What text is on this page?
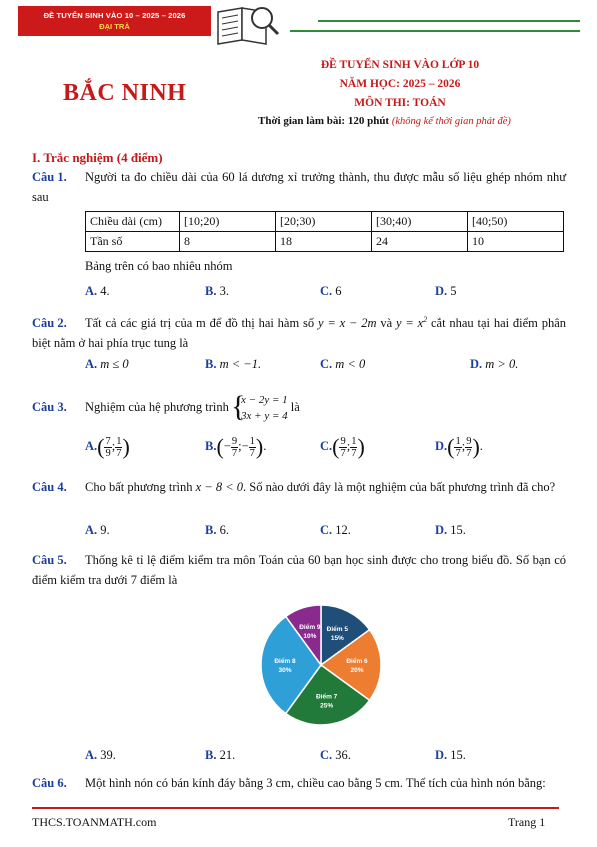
ĐỀ TUYỂN SINH VÀO 10 – 2025 – 2026
ĐẠI TRÀ
BẮC NINH
ĐỀ TUYỂN SINH VÀO LỚP 10
NĂM HỌC: 2025 – 2026
MÔN THI: TOÁN
Thời gian làm bài: 120 phút (không kể thời gian phát đề)
I. Trắc nghiệm (4 điểm)
Câu 1. Người ta đo chiều dài của 60 lá dương xỉ trưởng thành, thu được mẫu số liệu ghép nhóm như sau
Chiều dài (cm)	[10;20)	[20;30)	[30;40)	[40;50)
Tần số	8	18	24	10
Bảng trên có bao nhiêu nhóm
A. 4.	B. 3.	C. 6	D. 5
Câu 2. Tất cả các giá trị của m để đồ thị hai hàm số y = x − 2m và $y = x^2$ cắt nhau tại hai điểm phân biệt nằm ở hai phía trục tung là
A. m ≤ 0	B. m < −1.	C. m < 0	D. m > 0.
Câu 3. Nghiệm của hệ phương trình {
x − 2y = 1
3x + y = 4
là
$A.( \frac{7}{9}$ ; $\frac{1}{7}$ )	$B.(- \frac{9}{7}$ ;− $\frac{1}{7}$ ).	$C.( \frac{9}{7}$ ; $\frac{1}{7}$ )	$D.( \frac{1}{7}$ ; $\frac{9}{7}$ ).
Câu 4. Cho bất phương trình x − 8 < 0. Số nào dưới đây là một nghiệm của bất phương trình đã cho?
A. 9.	B. 6.	C. 12.	D. 15.
Câu 5. Thống kê tỉ lệ điểm kiểm tra môn Toán của 60 bạn học sinh được cho trong biểu đồ. Số bạn có điểm kiểm tra dưới 7 điểm là
Điểm 5
15%
Điểm 6
20%
Điểm 7
25%
Điểm 8
30%
Điểm 9
10%
A. 39.	B. 21.	C. 36.	D. 15.
Câu 6. Một hình nón có bán kính đáy bằng 3 cm, chiều cao bằng 5 cm. Thể tích của hình nón bằng:
THCS.TOANMATH.com	Trang 1
